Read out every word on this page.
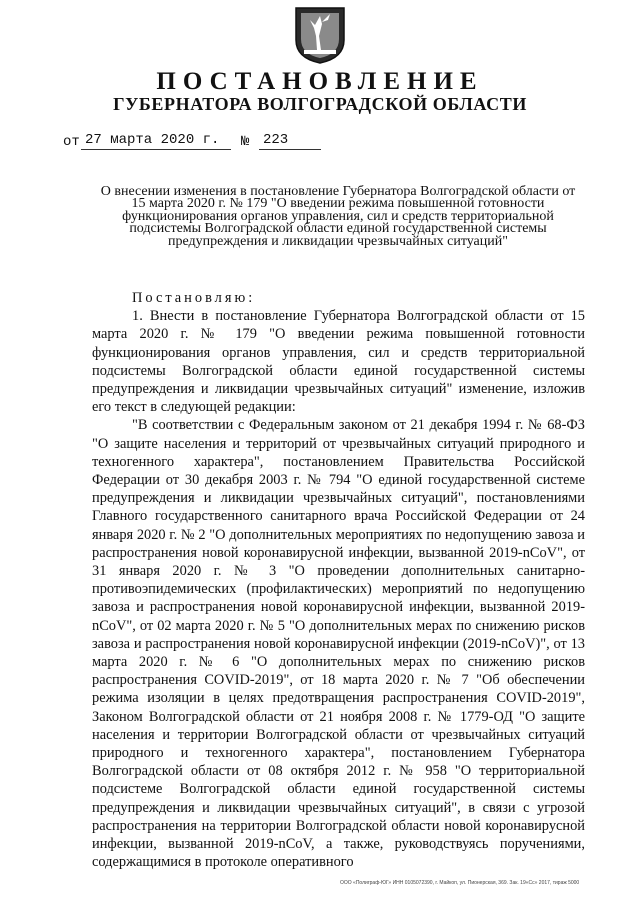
ПОСТАНОВЛЕНИЕ
ГУБЕРНАТОРА ВОЛГОГРАДСКОЙ ОБЛАСТИ
от 27 марта 2020 г. № 223
О внесении изменения в постановление Губернатора Волгоградской области от 15 марта 2020 г. № 179 "О введении режима повышенной готовности функционирования органов управления, сил и средств территориальной подсистемы Волгоградской области единой государственной системы предупреждения и ликвидации чрезвычайных ситуаций"

Постановляю:

1. Внести в постановление Губернатора Волгоградской области от 15 марта 2020 г. № 179 "О введении режима повышенной готовности функционирования органов управления, сил и средств территориальной подсистемы Волгоградской области единой государственной системы предупреждения и ликвидации чрезвычайных ситуаций" изменение, изложив его текст в следующей редакции:

"В соответствии с Федеральным законом от 21 декабря 1994 г. № 68-ФЗ "О защите населения и территорий от чрезвычайных ситуаций природного и техногенного характера", постановлением Правительства Российской Федерации от 30 декабря 2003 г. № 794 "О единой государственной системе предупреждения и ликвидации чрезвычайных ситуаций", постановлениями Главного государственного санитарного врача Российской Федерации от 24 января 2020 г. № 2 "О дополнительных мероприятиях по недопущению завоза и распространения новой коронавирусной инфекции, вызванной 2019-nCoV", от 31 января 2020 г. № 3 "О проведении дополнительных санитарно-противоэпидемических (профилактических) мероприятий по недопущению завоза и распространения новой коронавирусной инфекции, вызванной 2019-nCoV", от 02 марта 2020 г. № 5 "О дополнительных мерах по снижению рисков завоза и распространения новой коронавирусной инфекции (2019-nCoV)", от 13 марта 2020 г. № 6 "О дополнительных мерах по снижению рисков распространения COVID-2019", от 18 марта 2020 г. № 7 "Об обеспечении режима изоляции в целях предотвращения распространения COVID-2019", Законом Волгоградской области от 21 ноября 2008 г. № 1779-ОД "О защите населения и территории Волгоградской области от чрезвычайных ситуаций природного и техногенного характера", постановлением Губернатора Волгоградской области от 08 октября 2012 г. № 958 "О территориальной подсистеме Волгоградской области единой государственной системы предупреждения и ликвидации чрезвычайных ситуаций", в связи с угрозой распространения на территории Волгоградской области новой коронавирусной инфекции, вызванной 2019-nCoV, а также, руководствуясь поручениями, содержащимися в протоколе оперативного

ООО «Полиграф-ЮГ» ИНН 0105072390, г. Майкоп, ул. Пионерская, 369. Зак. 19«Сс» 2017, тираж 5000
